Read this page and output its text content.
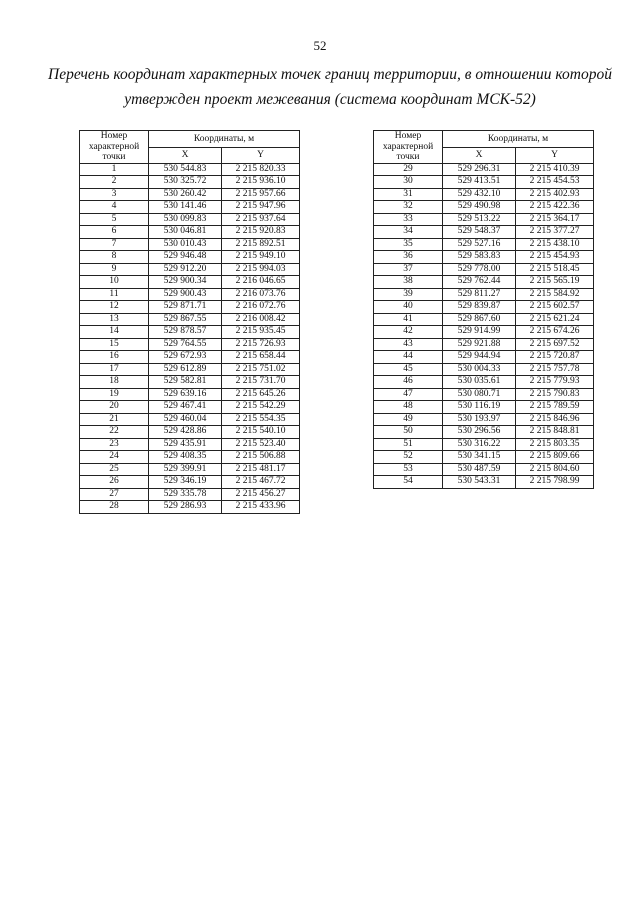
52
Перечень координат характерных точек границ территории, в отношении которой
утвержден проект межевания (система координат МСК-52)
Номер
характерной
точки	Координаты, м	
	X	Y
1	530 544.83	2 215 820.33
2	530 325.72	2 215 936.10
3	530 260.42	2 215 957.66
4	530 141.46	2 215 947.96
5	530 099.83	2 215 937.64
6	530 046.81	2 215 920.83
7	530 010.43	2 215 892.51
8	529 946.48	2 215 949.10
9	529 912.20	2 215 994.03
10	529 900.34	2 216 046.65
11	529 900.43	2 216 073.76
12	529 871.71	2 216 072.76
13	529 867.55	2 216 008.42
14	529 878.57	2 215 935.45
15	529 764.55	2 215 726.93
16	529 672.93	2 215 658.44
17	529 612.89	2 215 751.02
18	529 582.81	2 215 731.70
19	529 639.16	2 215 645.26
20	529 467.41	2 215 542.29
21	529 460.04	2 215 554.35
22	529 428.86	2 215 540.10
23	529 435.91	2 215 523.40
24	529 408.35	2 215 506.88
25	529 399.91	2 215 481.17
26	529 346.19	2 215 467.72
27	529 335.78	2 215 456.27
28	529 286.93	2 215 433.96
Номер
характерной
точки	Координаты, м	
	X	Y
29	529 296.31	2 215 410.39
30	529 413.51	2 215 454.53
31	529 432.10	2 215 402.93
32	529 490.98	2 215 422.36
33	529 513.22	2 215 364.17
34	529 548.37	2 215 377.27
35	529 527.16	2 215 438.10
36	529 583.83	2 215 454.93
37	529 778.00	2 215 518.45
38	529 762.44	2 215 565.19
39	529 811.27	2 215 584.92
40	529 839.87	2 215 602.57
41	529 867.60	2 215 621.24
42	529 914.99	2 215 674.26
43	529 921.88	2 215 697.52
44	529 944.94	2 215 720.87
45	530 004.33	2 215 757.78
46	530 035.61	2 215 779.93
47	530 080.71	2 215 790.83
48	530 116.19	2 215 789.59
49	530 193.97	2 215 846.96
50	530 296.56	2 215 848.81
51	530 316.22	2 215 803.35
52	530 341.15	2 215 809.66
53	530 487.59	2 215 804.60
54	530 543.31	2 215 798.99
